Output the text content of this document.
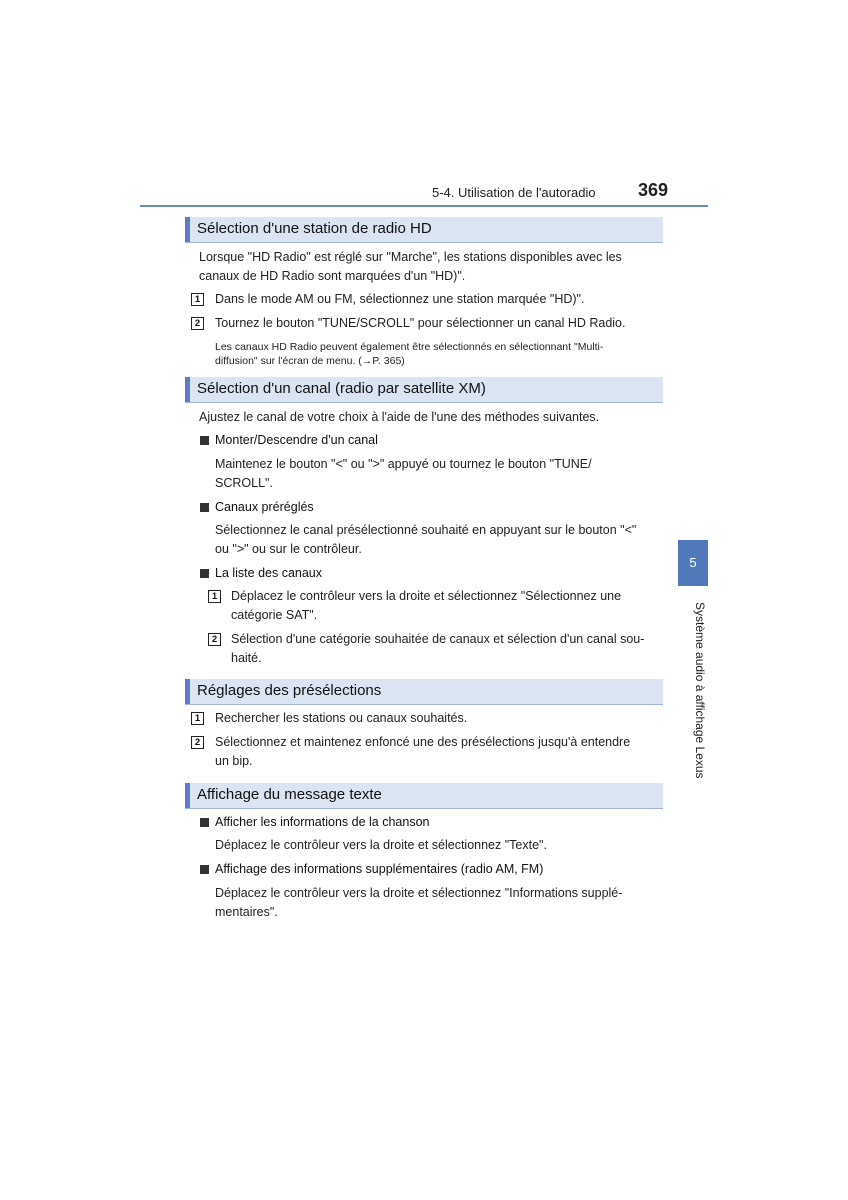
5-4. Utilisation de l'autoradio 369
5
Système audio à affichage Lexus
Sélection d'une station de radio HD
Lorsque "HD Radio" est réglé sur "Marche", les stations disponibles avec les
canaux de HD Radio sont marquées d'un "HD)".
1	Dans le mode AM ou FM, sélectionnez une station marquée "HD)".
2	Tournez le bouton "TUNE/SCROLL" pour sélectionner un canal HD Radio.
Les canaux HD Radio peuvent également être sélectionnés en sélectionnant "Multi-
diffusion" sur l'écran de menu. (→P. 365)
Sélection d'un canal (radio par satellite XM)
Ajustez le canal de votre choix à l'aide de l'une des méthodes suivantes.
Monter/Descendre d'un canal
Maintenez le bouton "<" ou ">" appuyé ou tournez le bouton "TUNE/
SCROLL".
Canaux préréglés
Sélectionnez le canal présélectionné souhaité en appuyant sur le bouton "<"
ou ">" ou sur le contrôleur.
La liste des canaux
1	Déplacez le contrôleur vers la droite et sélectionnez "Sélectionnez une
catégorie SAT".
2	Sélection d'une catégorie souhaitée de canaux et sélection d'un canal sou-
haité.
Réglages des présélections
1	Rechercher les stations ou canaux souhaités.
2	Sélectionnez et maintenez enfoncé une des présélections jusqu'à entendre
un bip.
Affichage du message texte
Afficher les informations de la chanson
Déplacez le contrôleur vers la droite et sélectionnez "Texte".
Affichage des informations supplémentaires (radio AM, FM)
Déplacez le contrôleur vers la droite et sélectionnez "Informations supplé-
mentaires".
